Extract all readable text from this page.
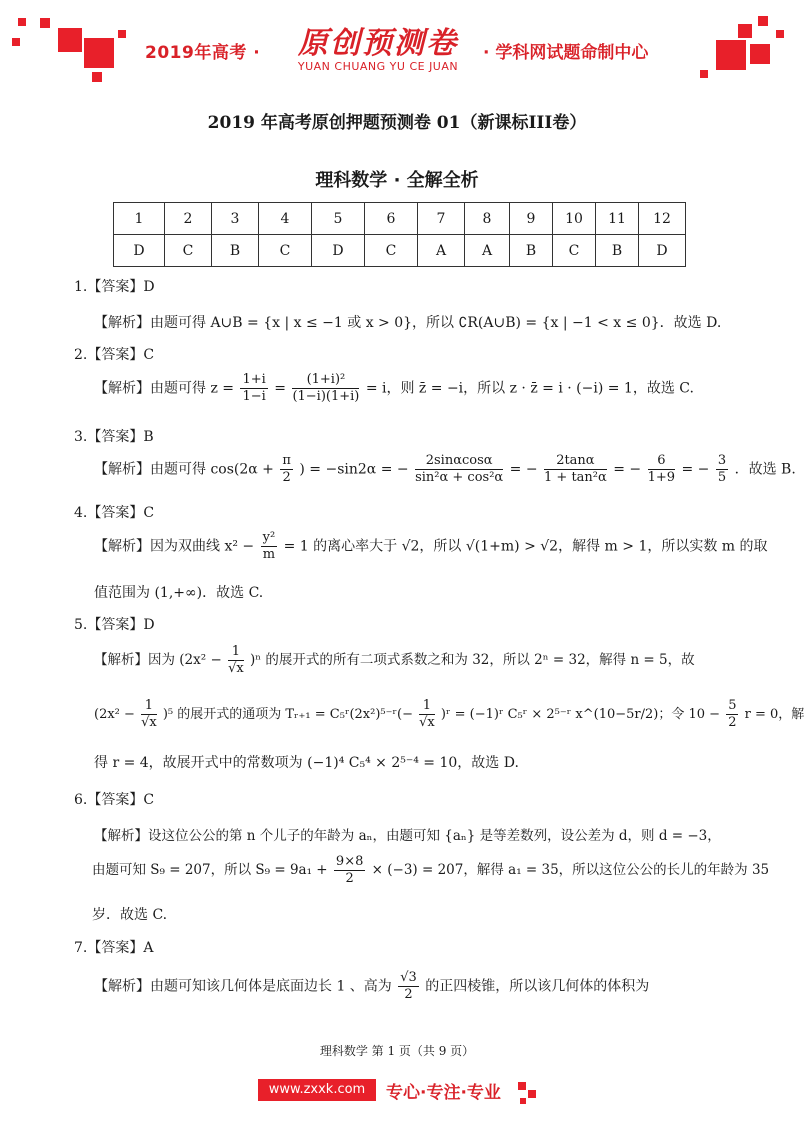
2019年高考 ·	原创预测卷
YUAN CHUANG YU CE JUAN
· 学科网试题命制中心
2019 年高考原创押题预测卷 01（新课标III卷）
理科数学 · 全解全析
1	2	3	4	5	6	7	8	9	10	11	12
D	C	B	C	D	C	A	A	B	C	B	D
1.【答案】D
【解析】由题可得 A∪B = {x | x ≤ −1 或 x > 0}，所以 ∁R(A∪B) = {x | −1 < x ≤ 0}．故选 D.
2.【答案】C
【解析】由题可得 $z = \frac{1+i}{1-i} = \frac{\text{(1+i)²}}{(1-i)(1+i)} = i$，则 z̄ = −i，所以 z · z̄ = i · (−i) = 1，故选 C.
3.【答案】B
【解析】由题可得 $\cos(2\alpha + \frac{\pi}{2}$ ) = −sin2α = − $\frac{2\sin\alpha\cos\alpha}{\text{sin²α + cos²α}}$ = − $\frac{2\tan\alpha}{\text{1 + tan²α}}$ = − $\frac{6}{1+9}$ = − $\frac{3}{5}$ ．故选 B.
4.【答案】C
【解析】因为双曲线 $x^2 - \frac{\text{y²}}{m} = 1$ 的离心率大于 √2，所以 √(1+m) > √2，解得 m > 1，所以实数 m 的取
值范围为 (1,+∞)．故选 C.
5.【答案】D
【解析】因为 $(2x^2 - \frac{1}{√x} )^n$ 的展开式的所有二项式系数之和为 32，所以 2ⁿ = 32，解得 n = 5，故
$(2x^2 - \frac{1}{√x} )^5$ 的展开式的通项为 Tᵣ₊₁ = C₅ʳ(2x²)⁵⁻ʳ(− $\frac{1}{√x}$ )ʳ = (−1)ʳ C₅ʳ × 2⁵⁻ʳ x^(10−5r/2)；令 $10 - \frac{5}{2}$ r = 0，解
得 r = 4，故展开式中的常数项为 (−1)⁴ C₅⁴ × 2⁵⁻⁴ = 10，故选 D.
6.【答案】C
【解析】设这位公公的第 n 个儿子的年龄为 aₙ，由题可知 {aₙ} 是等差数列，设公差为 d，则 d = −3，
由题可知 S₉ = 207，所以 $S_9 = 9a_1 + \frac{9\times 8}{2} \times (-3) = 207$，解得 a₁ = 35，所以这位公公的长儿的年龄为 35
岁．故选 C.
7.【答案】A
【解析】由题可知该几何体是底面边长 1 、高为 $\frac{√3}{2}$ 的正四棱锥，所以该几何体的体积为
理科数学 第 1 页（共 9 页）
www.zxxk.com	专心·专注·专业
